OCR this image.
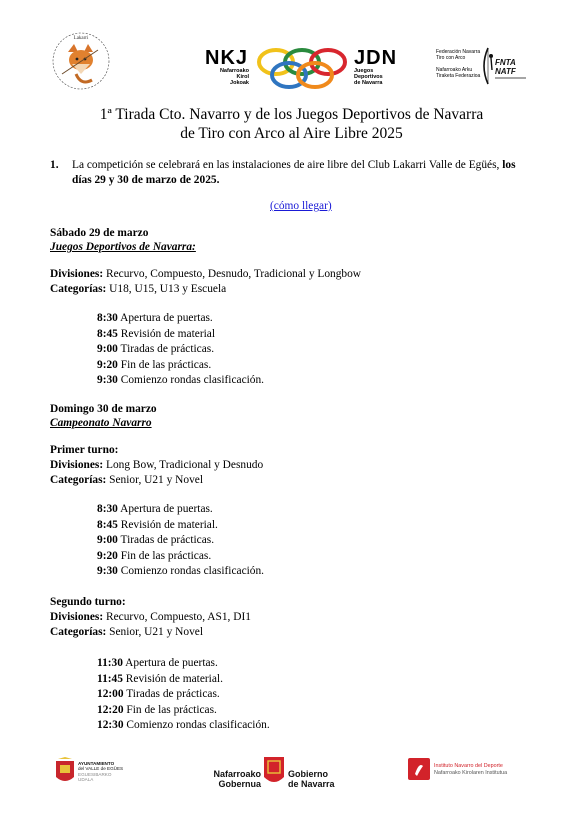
Lakarri
NKJ
Nafarroako
Kirol
Jokoak
JDN
Juegos
Deportivos
de Navarra
Federación Navarra
Tiro con Arco
Nafarroako Arku
Tiraketa Federazioa
FNTA
NATF
1ª Tirada Cto. Navarro y de los Juegos Deportivos de Navarra
de Tiro con Arco al Aire Libre 2025
1. La competición se celebrará en las instalaciones de aire libre del Club Lakarri Valle de Egüés, los
días 29 y 30 de marzo de 2025.
(cómo llegar)
Sábado 29 de marzo
Juegos Deportivos de Navarra:
Divisiones: Recurvo, Compuesto, Desnudo, Tradicional y Longbow
Categorías: U18, U15, U13 y Escuela
8:30 Apertura de puertas.
8:45 Revisión de material
9:00 Tiradas de prácticas.
9:20 Fin de las prácticas.
9:30 Comienzo rondas clasificación.
Domingo 30 de marzo
Campeonato Navarro
Primer turno:
Divisiones: Long Bow, Tradicional y Desnudo
Categorías: Senior, U21 y Novel
8:30 Apertura de puertas.
8:45 Revisión de material.
9:00 Tiradas de prácticas.
9:20 Fin de las prácticas.
9:30 Comienzo rondas clasificación.
Segundo turno:
Divisiones: Recurvo, Compuesto, AS1, DI1
Categorías: Senior, U21 y Novel
11:30 Apertura de puertas.
11:45 Revisión de material.
12:00 Tiradas de prácticas.
12:20 Fin de las prácticas.
12:30 Comienzo rondas clasificación.
AYUNTAMIENTO
del VALLE de EGÜES
EGUESIBARKO
UDALA
Nafarroako
Gobernua
Gobierno
de Navarra
Instituto Navarro del Deporte
Nafarroako Kirolaren Institutua
